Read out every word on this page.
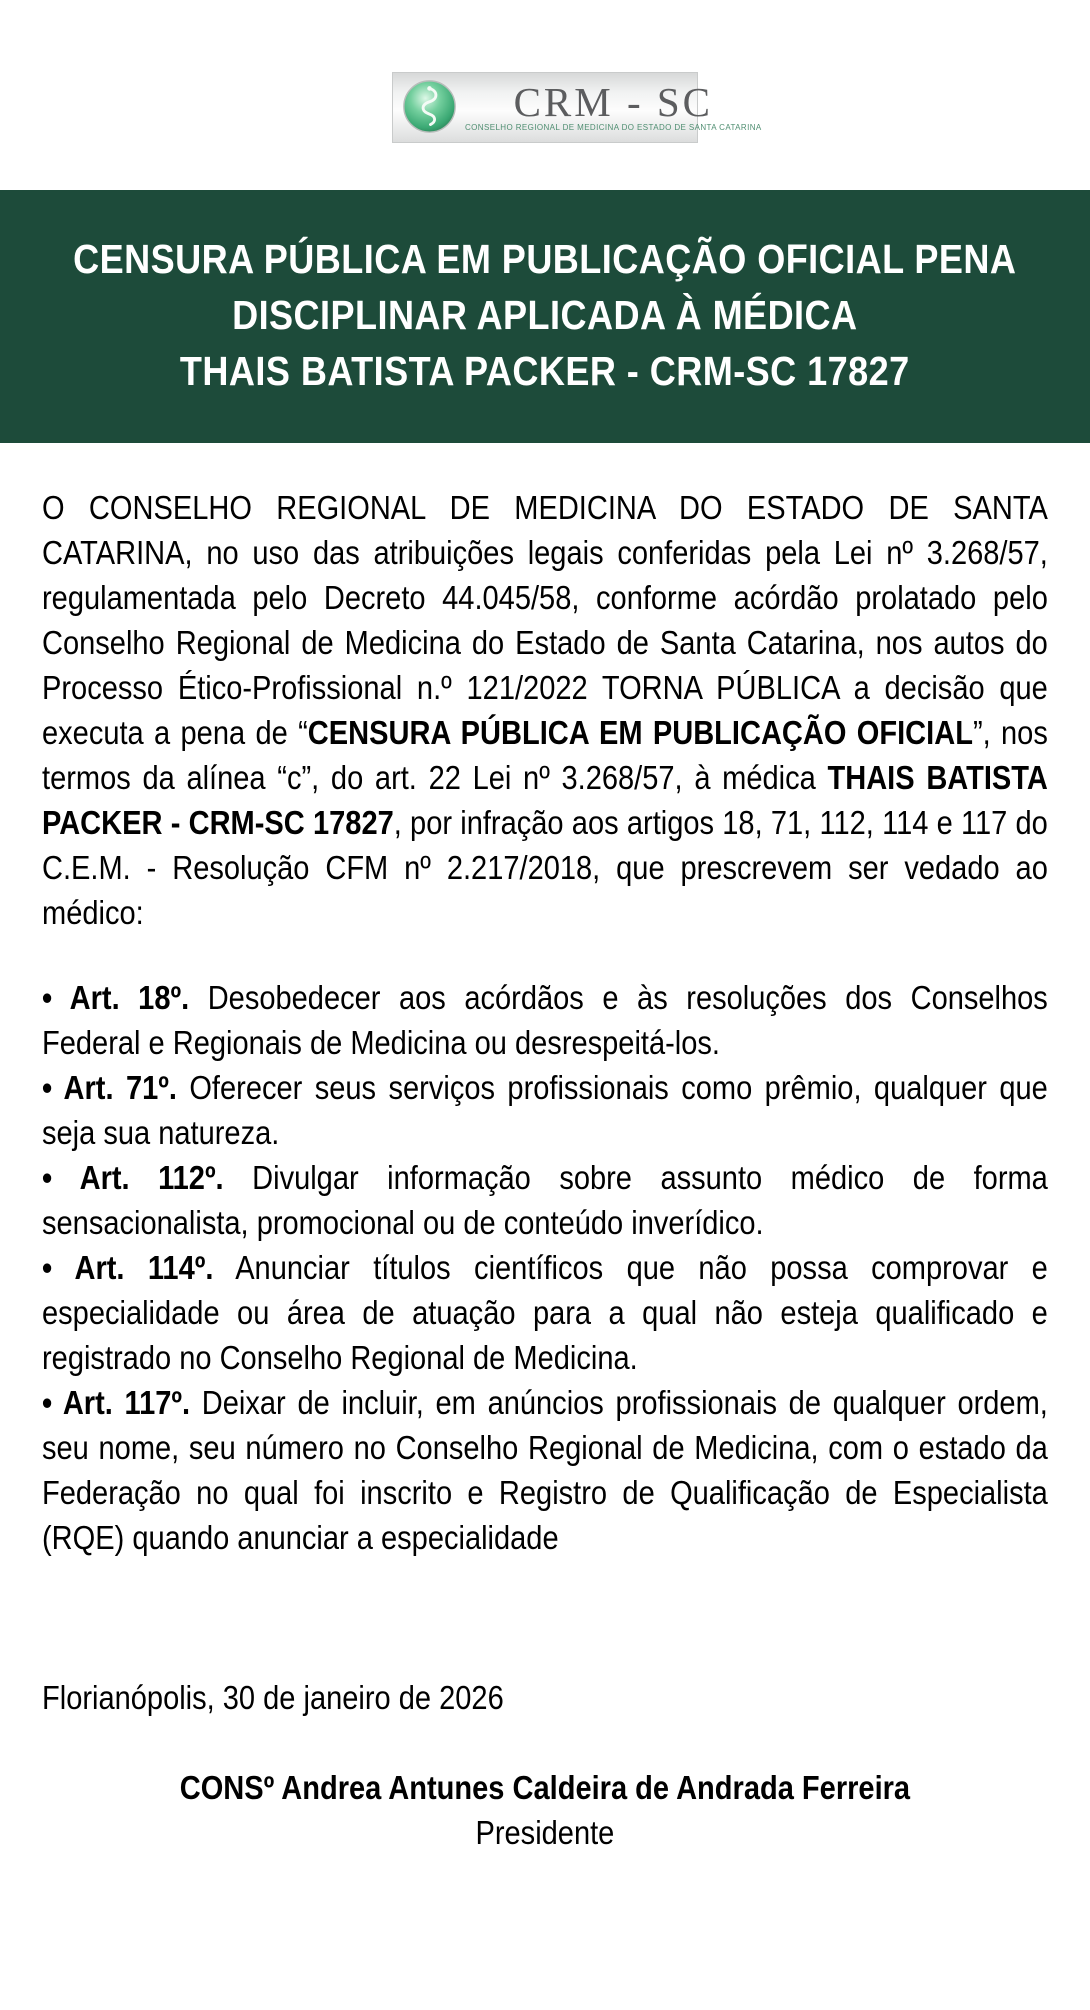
CRM - SC
CONSELHO REGIONAL DE MEDICINA DO ESTADO DE SANTA CATARINA
CENSURA PÚBLICA EM PUBLICAÇÃO OFICIAL PENA
DISCIPLINAR APLICADA À MÉDICA
THAIS BATISTA PACKER - CRM-SC 17827

O CONSELHO REGIONAL DE MEDICINA DO ESTADO DE SANTA CATARINA, no uso das atribuições legais conferidas pela Lei nº 3.268/57, regulamentada pelo Decreto 44.045/58, conforme acórdão prolatado pelo Conselho Regional de Medicina do Estado de Santa Catarina, nos autos do Processo Ético-Profissional n.º 121/2022 TORNA PÚBLICA a decisão que executa a pena de “CENSURA PÚBLICA EM PUBLICAÇÃO OFICIAL”, nos termos da alínea “c”, do art. 22 Lei nº 3.268/57, à médica THAIS BATISTA PACKER - CRM-SC 17827, por infração aos artigos 18, 71, 112, 114 e 117 do C.E.M. - Resolução CFM nº 2.217/2018, que prescrevem ser vedado ao médico:

• Art. 18º. Desobedecer aos acórdãos e às resoluções dos Conselhos Federal e Regionais de Medicina ou desrespeitá-los.

• Art. 71º. Oferecer seus serviços profissionais como prêmio, qualquer que seja sua natureza.

• Art. 112º. Divulgar informação sobre assunto médico de forma sensacionalista, promocional ou de conteúdo inverídico.

• Art. 114º. Anunciar títulos científicos que não possa comprovar e especialidade ou área de atuação para a qual não esteja qualificado e registrado no Conselho Regional de Medicina.

• Art. 117º. Deixar de incluir, em anúncios profissionais de qualquer ordem, seu nome, seu número no Conselho Regional de Medicina, com o estado da Federação no qual foi inscrito e Registro de Qualificação de Especialista (RQE) quando anunciar a especialidade

Florianópolis, 30 de janeiro de 2026

CONSº Andrea Antunes Caldeira de Andrada Ferreira

Presidente
